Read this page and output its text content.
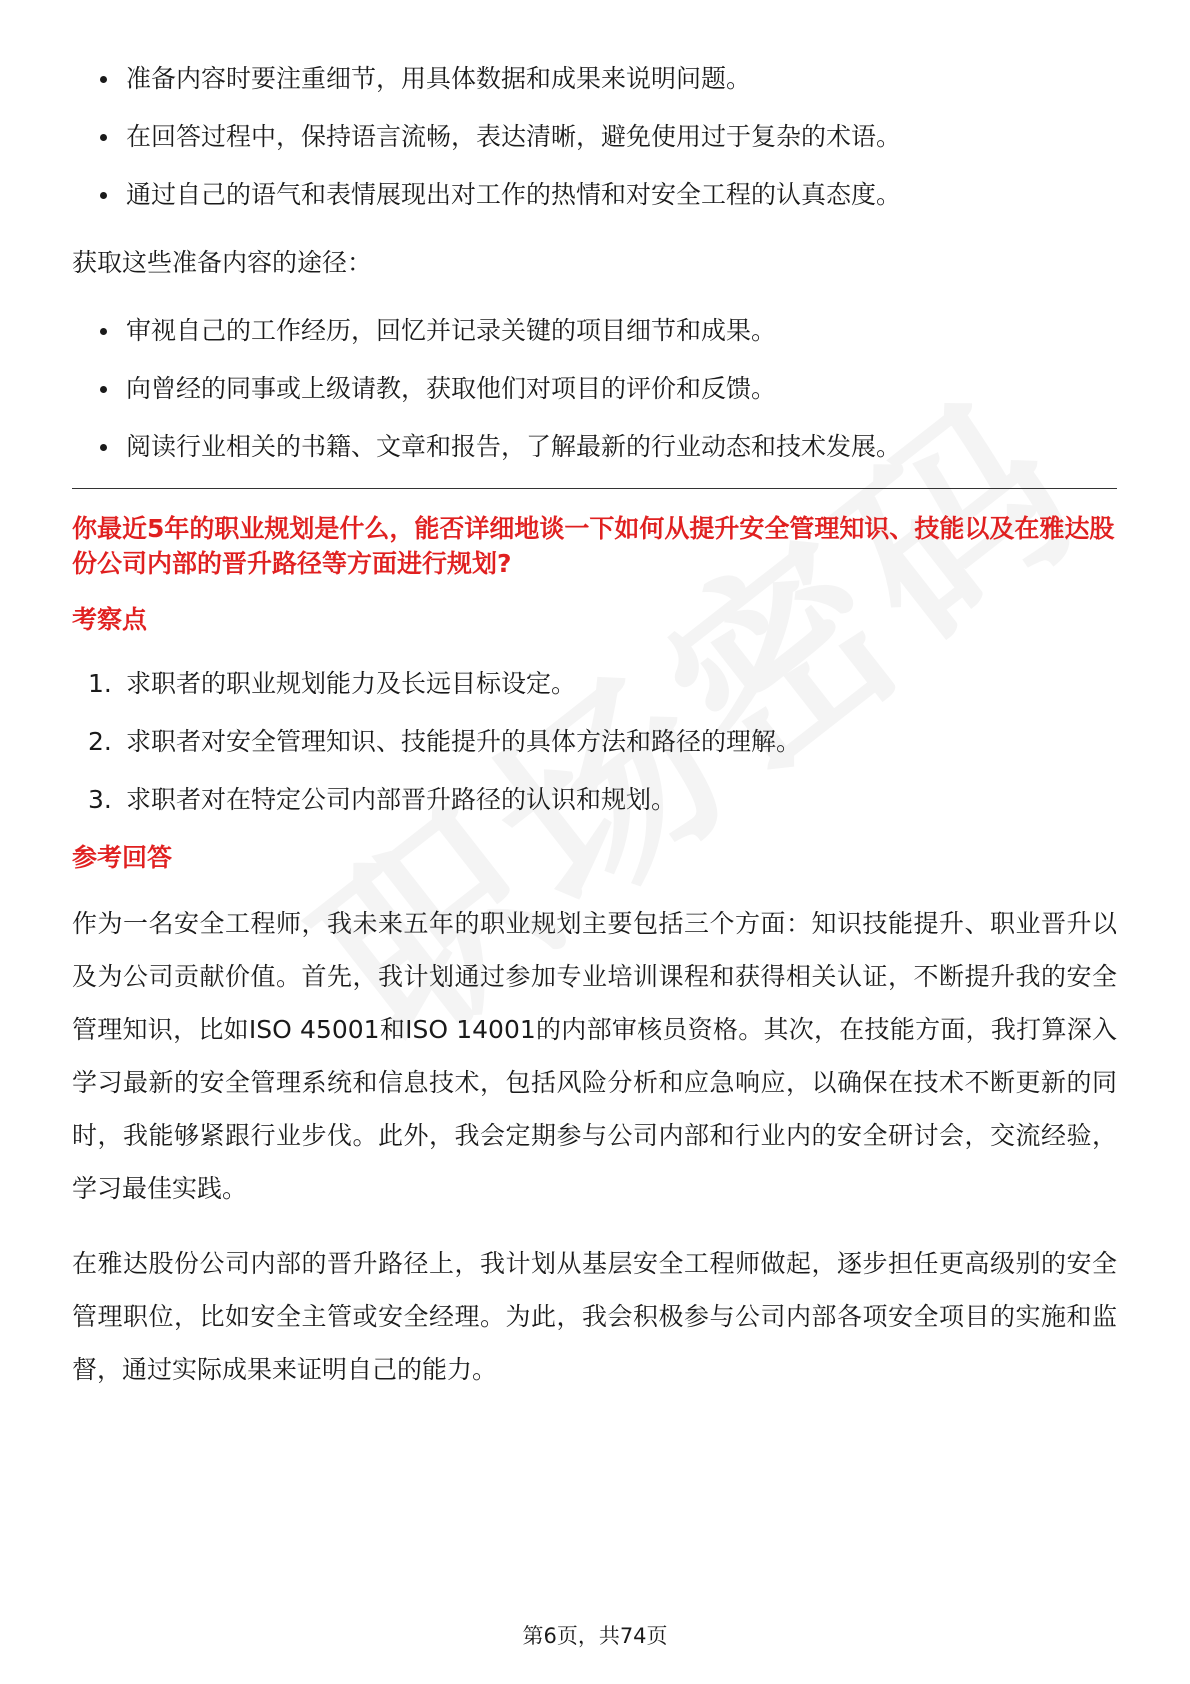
准备内容时要注重细节，用具体数据和成果来说明问题。
在回答过程中，保持语言流畅，表达清晰，避免使用过于复杂的术语。
通过自己的语气和表情展现出对工作的热情和对安全工程的认真态度。

获取这些准备内容的途径：

审视自己的工作经历，回忆并记录关键的项目细节和成果。
向曾经的同事或上级请教，获取他们对项目的评价和反馈。
阅读行业相关的书籍、文章和报告，了解最新的行业动态和技术发展。
你最近5年的职业规划是什么，能否详细地谈一下如何从提升安全管理知识、技能以及在雅达股份公司内部的晋升路径等方面进行规划?
考察点
1. 求职者的职业规划能力及长远目标设定。
2. 求职者对安全管理知识、技能提升的具体方法和路径的理解。
3. 求职者对在特定公司内部晋升路径的认识和规划。
参考回答

作为一名安全工程师，我未来五年的职业规划主要包括三个方面：知识技能提升、职业晋升以及为公司贡献价值。首先，我计划通过参加专业培训课程和获得相关认证，不断提升我的安全管理知识，比如ISO 45001和ISO 14001的内部审核员资格。其次，在技能方面，我打算深入学习最新的安全管理系统和信息技术，包括风险分析和应急响应，以确保在技术不断更新的同时，我能够紧跟行业步伐。此外，我会定期参与公司内部和行业内的安全研讨会，交流经验，学习最佳实践。

在雅达股份公司内部的晋升路径上，我计划从基层安全工程师做起，逐步担任更高级别的安全管理职位，比如安全主管或安全经理。为此，我会积极参与公司内部各项安全项目的实施和监督，通过实际成果来证明自己的能力。

第6页，共74页
